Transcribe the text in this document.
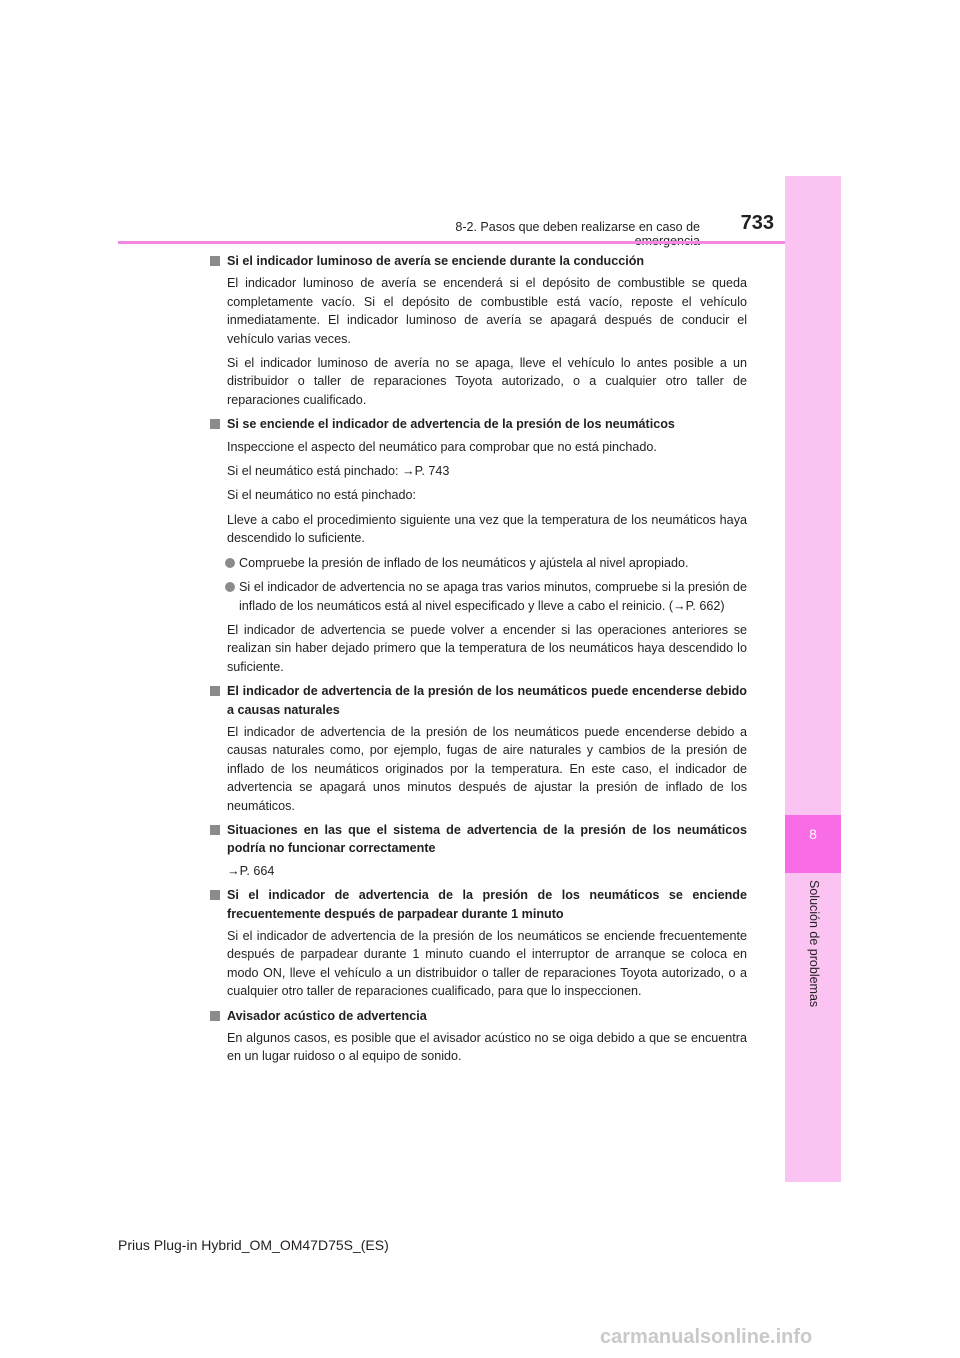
8
Solución de problemas
8-2. Pasos que deben realizarse en caso de	733
Si el indicador luminoso de avería se enciende durante la conducción

El indicador luminoso de avería se encenderá si el depósito de combustible se queda completamente vacío. Si el depósito de combustible está vacío, reposte el vehículo inmediatamente. El indicador luminoso de avería se apagará después de conducir el vehículo varias veces.

Si el indicador luminoso de avería no se apaga, lleve el vehículo lo antes posible a un distribuidor o taller de reparaciones Toyota autorizado, o a cualquier otro taller de reparaciones cualificado.

Si se enciende el indicador de advertencia de la presión de los neumáticos

Inspeccione el aspecto del neumático para comprobar que no está pinchado.

Si el neumático está pinchado: →P. 743

Si el neumático no está pinchado:

Lleve a cabo el procedimiento siguiente una vez que la temperatura de los neumáticos haya descendido lo suficiente.

Compruebe la presión de inflado de los neumáticos y ajústela al nivel apropiado.
Si el indicador de advertencia no se apaga tras varios minutos, compruebe si la presión de inflado de los neumáticos está al nivel especificado y lleve a cabo el reinicio. (→P. 662)

El indicador de advertencia se puede volver a encender si las operaciones anteriores se realizan sin haber dejado primero que la temperatura de los neumáticos haya descendido lo suficiente.

El indicador de advertencia de la presión de los neumáticos puede encenderse debido a causas naturales

El indicador de advertencia de la presión de los neumáticos puede encenderse debido a causas naturales como, por ejemplo, fugas de aire naturales y cambios de la presión de inflado de los neumáticos originados por la temperatura. En este caso, el indicador de advertencia se apagará unos minutos después de ajustar la presión de inflado de los neumáticos.

Situaciones en las que el sistema de advertencia de la presión de los neumáticos podría no funcionar correctamente

→P. 664

Si el indicador de advertencia de la presión de los neumáticos se enciende frecuentemente después de parpadear durante 1 minuto

Si el indicador de advertencia de la presión de los neumáticos se enciende frecuentemente después de parpadear durante 1 minuto cuando el interruptor de arranque se coloca en modo ON, lleve el vehículo a un distribuidor o taller de reparaciones Toyota autorizado, o a cualquier otro taller de reparaciones cualificado, para que lo inspeccionen.

Avisador acústico de advertencia

En algunos casos, es posible que el avisador acústico no se oiga debido a que se encuentra en un lugar ruidoso o al equipo de sonido.

Prius Plug-in Hybrid_OM_OM47D75S_(ES)
carmanualsonline.info
